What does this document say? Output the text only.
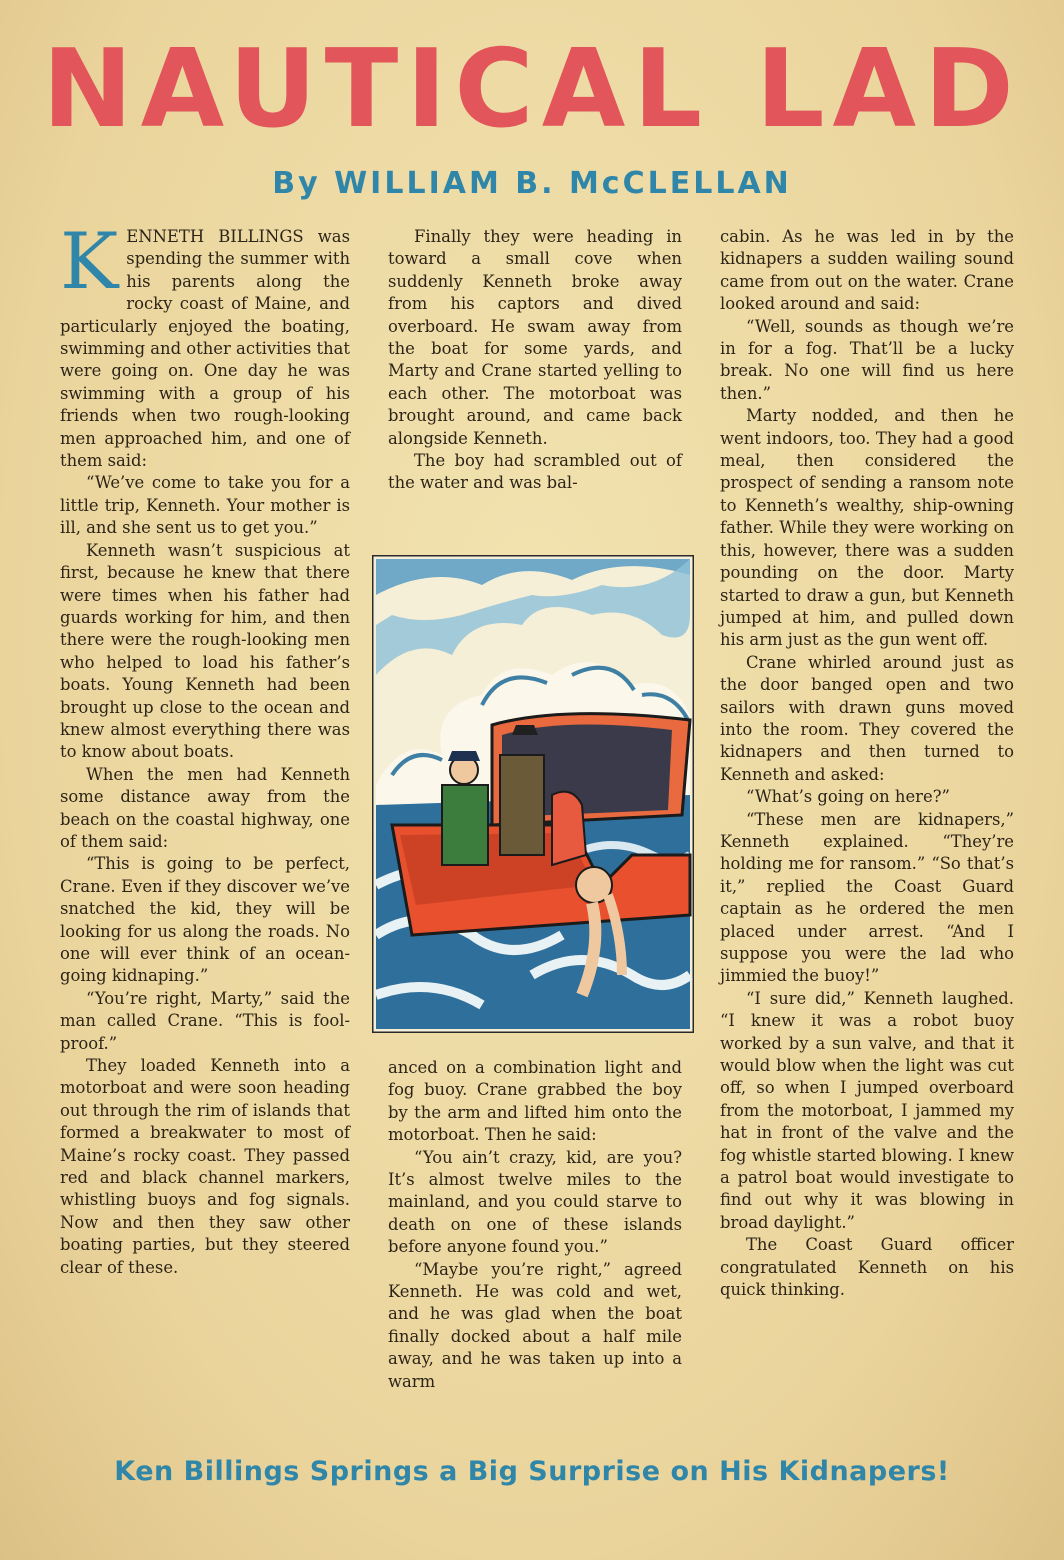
NAUTICAL LAD
By WILLIAM B. McCLELLAN
K ENNETH BILLINGS was spending the summer with his parents along the rocky coast of Maine, and particularly enjoyed the boating, swimming and other activities that were going on. One day he was swimming with a group of his friends when two rough-looking men approached him, and one of them said:

“We’ve come to take you for a little trip, Kenneth. Your mother is ill, and she sent us to get you.”

Kenneth wasn’t suspicious at first, because he knew that there were times when his father had guards working for him, and then there were the rough-looking men who helped to load his father’s boats. Young Kenneth had been brought up close to the ocean and knew almost everything there was to know about boats.

When the men had Kenneth some distance away from the beach on the coastal highway, one of them said:

“This is going to be perfect, Crane. Even if they discover we’ve snatched the kid, they will be looking for us along the roads. No one will ever think of an ocean-going kidnaping.”

“You’re right, Marty,” said the man called Crane. “This is fool-proof.”

They loaded Kenneth into a motorboat and were soon heading out through the rim of islands that formed a breakwater to most of Maine’s rocky coast. They passed red and black channel markers, whistling buoys and fog signals. Now and then they saw other boating parties, but they steered clear of these.

Finally they were heading in toward a small cove when suddenly Kenneth broke away from his captors and dived overboard. He swam away from the boat for some yards, and Marty and Crane started yelling to each other. The motorboat was brought around, and came back alongside Kenneth.

The boy had scrambled out of the water and was bal-

anced on a combination light and fog buoy. Crane grabbed the boy by the arm and lifted him onto the motorboat. Then he said:

“You ain’t crazy, kid, are you? It’s almost twelve miles to the mainland, and you could starve to death on one of these islands before anyone found you.”

“Maybe you’re right,” agreed Kenneth. He was cold and wet, and he was glad when the boat finally docked about a half mile away, and he was taken up into a warm

cabin. As he was led in by the kidnapers a sudden wailing sound came from out on the water. Crane looked around and said:

“Well, sounds as though we’re in for a fog. That’ll be a lucky break. No one will find us here then.”

Marty nodded, and then he went indoors, too. They had a good meal, then considered the prospect of sending a ransom note to Kenneth’s wealthy, ship-owning father. While they were working on this, however, there was a sudden pounding on the door. Marty started to draw a gun, but Kenneth jumped at him, and pulled down his arm just as the gun went off.

Crane whirled around just as the door banged open and two sailors with drawn guns moved into the room. They covered the kidnapers and then turned to Kenneth and asked:

“What’s going on here?”

“These men are kidnapers,” Kenneth explained. “They’re holding me for ransom.” “So that’s it,” replied the Coast Guard captain as he ordered the men placed under arrest. “And I suppose you were the lad who jimmied the buoy!”

“I sure did,” Kenneth laughed. “I knew it was a robot buoy worked by a sun valve, and that it would blow when the light was cut off, so when I jumped overboard from the motorboat, I jammed my hat in front of the valve and the fog whistle started blowing. I knew a patrol boat would investigate to find out why it was blowing in broad daylight.”

The Coast Guard officer congratulated Kenneth on his quick thinking.

Ken Billings Springs a Big Surprise on His Kidnapers!
